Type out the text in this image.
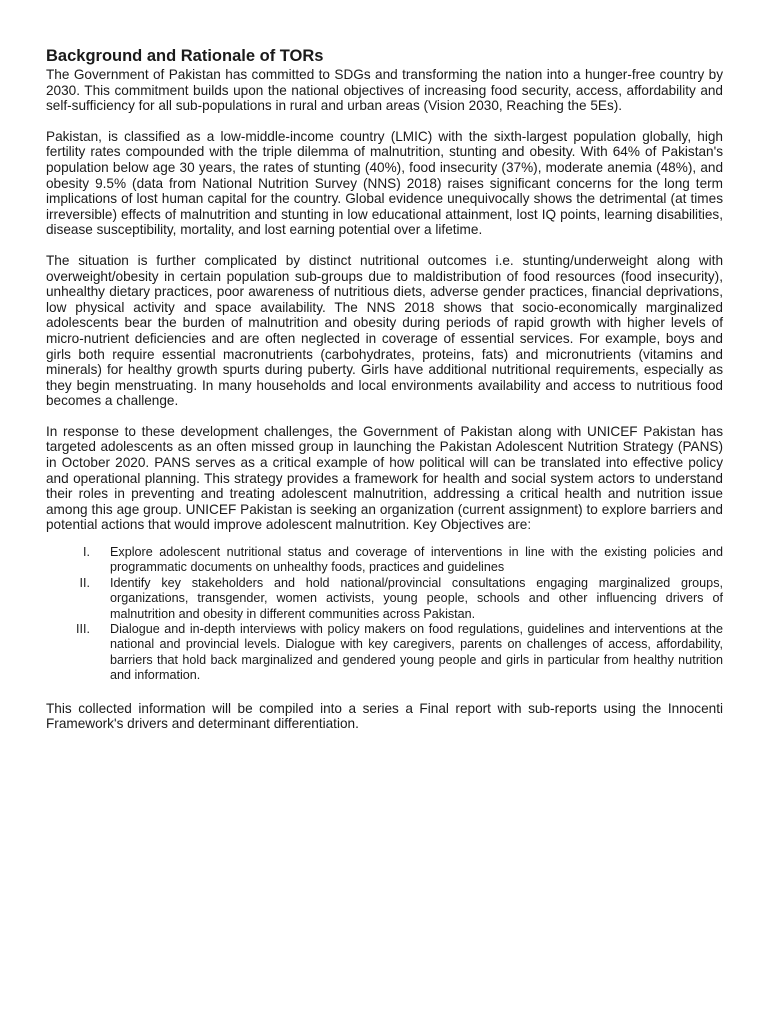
Background and Rationale of TORs

The Government of Pakistan has committed to SDGs and transforming the nation into a hunger-free country by 2030. This commitment builds upon the national objectives of increasing food security, access, affordability and self-sufficiency for all sub-populations in rural and urban areas (Vision 2030, Reaching the 5Es).

Pakistan, is classified as a low-middle-income country (LMIC) with the sixth-largest population globally, high fertility rates compounded with the triple dilemma of malnutrition, stunting and obesity. With 64% of Pakistan's population below age 30 years, the rates of stunting (40%), food insecurity (37%), moderate anemia (48%), and obesity 9.5% (data from National Nutrition Survey (NNS) 2018) raises significant concerns for the long term implications of lost human capital for the country. Global evidence unequivocally shows the detrimental (at times irreversible) effects of malnutrition and stunting in low educational attainment, lost IQ points, learning disabilities, disease susceptibility, mortality, and lost earning potential over a lifetime.

The situation is further complicated by distinct nutritional outcomes i.e. stunting/underweight along with overweight/obesity in certain population sub-groups due to maldistribution of food resources (food insecurity), unhealthy dietary practices, poor awareness of nutritious diets, adverse gender practices, financial deprivations, low physical activity and space availability. The NNS 2018 shows that socio-economically marginalized adolescents bear the burden of malnutrition and obesity during periods of rapid growth with higher levels of micro-nutrient deficiencies and are often neglected in coverage of essential services. For example, boys and girls both require essential macronutrients (carbohydrates, proteins, fats) and micronutrients (vitamins and minerals) for healthy growth spurts during puberty. Girls have additional nutritional requirements, especially as they begin menstruating. In many households and local environments availability and access to nutritious food becomes a challenge.

In response to these development challenges, the Government of Pakistan along with UNICEF Pakistan has targeted adolescents as an often missed group in launching the Pakistan Adolescent Nutrition Strategy (PANS) in October 2020. PANS serves as a critical example of how political will can be translated into effective policy and operational planning. This strategy provides a framework for health and social system actors to understand their roles in preventing and treating adolescent malnutrition, addressing a critical health and nutrition issue among this age group. UNICEF Pakistan is seeking an organization (current assignment) to explore barriers and potential actions that would improve adolescent malnutrition. Key Objectives are:

I.	Explore adolescent nutritional status and coverage of interventions in line with the existing policies and programmatic documents on unhealthy foods, practices and guidelines
II.	Identify key stakeholders and hold national/provincial consultations engaging marginalized groups, organizations, transgender, women activists, young people, schools and other influencing drivers of malnutrition and obesity in different communities across Pakistan.
III.	Dialogue and in-depth interviews with policy makers on food regulations, guidelines and interventions at the national and provincial levels. Dialogue with key caregivers, parents on challenges of access, affordability, barriers that hold back marginalized and gendered young people and girls in particular from healthy nutrition and information.

This collected information will be compiled into a series a Final report with sub-reports using the Innocenti Framework's drivers and determinant differentiation.
